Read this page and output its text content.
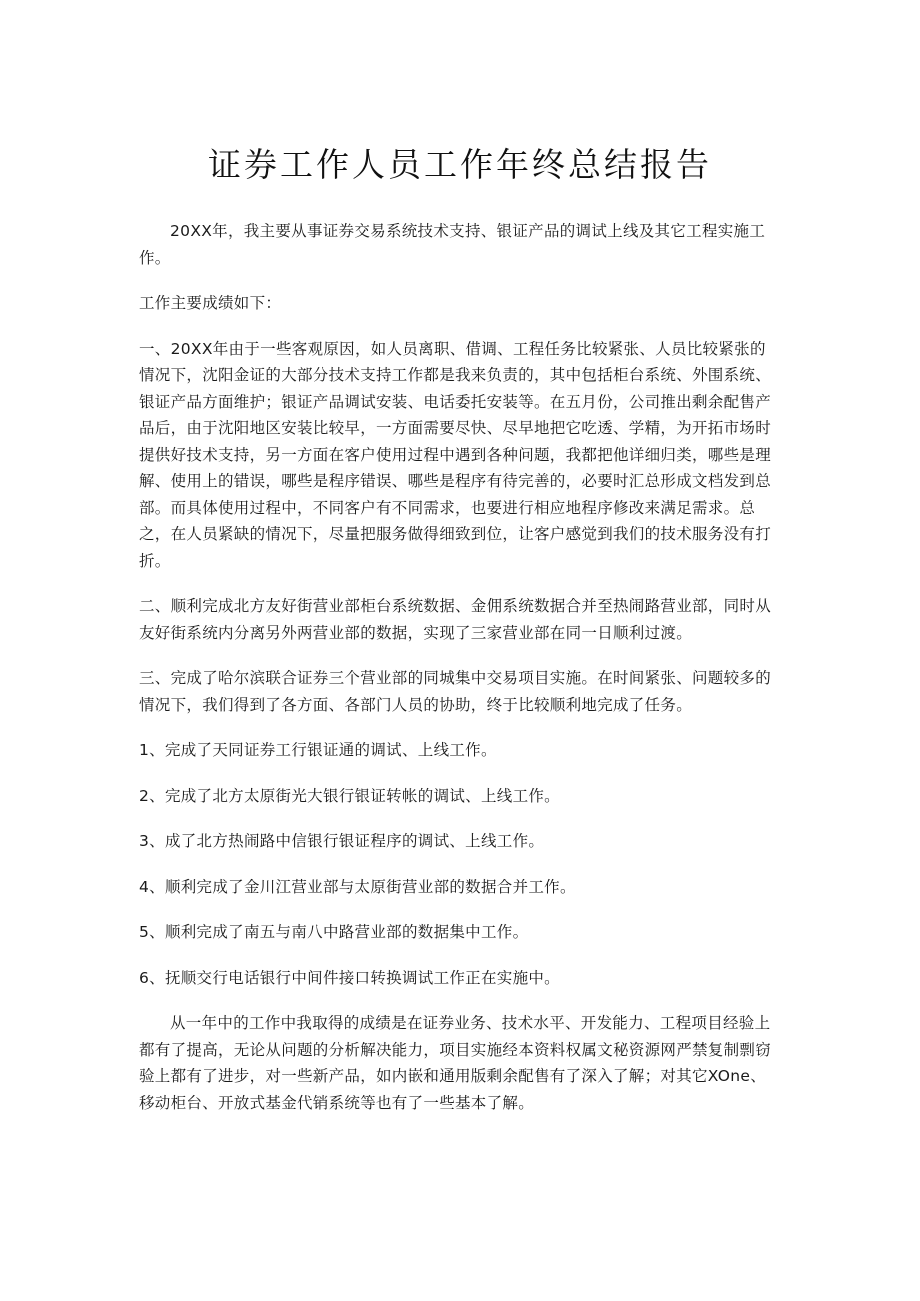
证券工作人员工作年终总结报告

20XX年，我主要从事证券交易系统技术支持、银证产品的调试上线及其它工程实施工作。

工作主要成绩如下：

一、20XX年由于一些客观原因，如人员离职、借调、工程任务比较紧张、人员比较紧张的情况下，沈阳金证的大部分技术支持工作都是我来负责的，其中包括柜台系统、外围系统、银证产品方面维护；银证产品调试安装、电话委托安装等。在五月份，公司推出剩余配售产品后，由于沈阳地区安装比较早，一方面需要尽快、尽早地把它吃透、学精，为开拓市场时提供好技术支持，另一方面在客户使用过程中遇到各种问题，我都把他详细归类，哪些是理解、使用上的错误，哪些是程序错误、哪些是程序有待完善的，必要时汇总形成文档发到总部。而具体使用过程中，不同客户有不同需求，也要进行相应地程序修改来满足需求。总之，在人员紧缺的情况下，尽量把服务做得细致到位，让客户感觉到我们的技术服务没有打折。

二、顺利完成北方友好街营业部柜台系统数据、金佣系统数据合并至热闹路营业部，同时从友好街系统内分离另外两营业部的数据，实现了三家营业部在同一日顺利过渡。

三、完成了哈尔滨联合证券三个营业部的同城集中交易项目实施。在时间紧张、问题较多的情况下，我们得到了各方面、各部门人员的协助，终于比较顺利地完成了任务。

1、完成了天同证券工行银证通的调试、上线工作。

2、完成了北方太原街光大银行银证转帐的调试、上线工作。

3、成了北方热闹路中信银行银证程序的调试、上线工作。

4、顺利完成了金川江营业部与太原街营业部的数据合并工作。

5、顺利完成了南五与南八中路营业部的数据集中工作。

6、抚顺交行电话银行中间件接口转换调试工作正在实施中。

从一年中的工作中我取得的成绩是在证券业务、技术水平、开发能力、工程项目经验上都有了提高，无论从问题的分析解决能力，项目实施经本资料权属文秘资源网严禁复制剽窃验上都有了进步，对一些新产品，如内嵌和通用版剩余配售有了深入了解；对其它XOne、移动柜台、开放式基金代销系统等也有了一些基本了解。
